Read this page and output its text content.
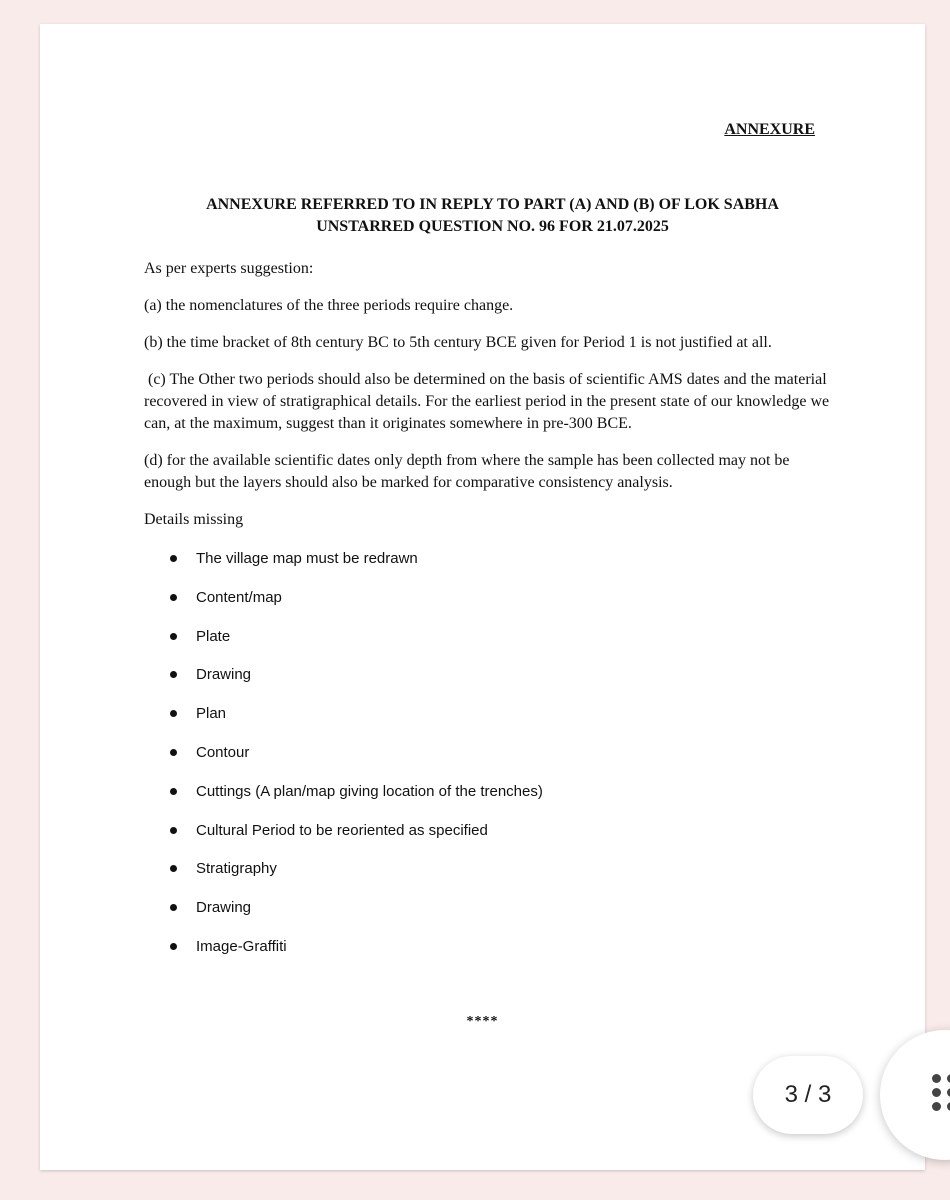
ANNEXURE
ANNEXURE REFERRED TO IN REPLY TO PART (A) AND (B) OF LOK SABHA
UNSTARRED QUESTION NO. 96 FOR 21.07.2025

As per experts suggestion:

(a) the nomenclatures of the three periods require change.

(b) the time bracket of 8th century BC to 5th century BCE given for Period 1 is not justified at all.

(c) The Other two periods should also be determined on the basis of scientific AMS dates and the material recovered in view of stratigraphical details. For the earliest period in the present state of our knowledge we can, at the maximum, suggest than it originates somewhere in pre-300 BCE.

(d) for the available scientific dates only depth from where the sample has been collected may not be enough but the layers should also be marked for comparative consistency analysis.

Details missing

The village map must be redrawn
Content/map
Plate
Drawing
Plan
Contour
Cuttings (A plan/map giving location of the trenches)
Cultural Period to be reoriented as specified
Stratigraphy
Drawing
Image-Graffiti
****
3 / 3
